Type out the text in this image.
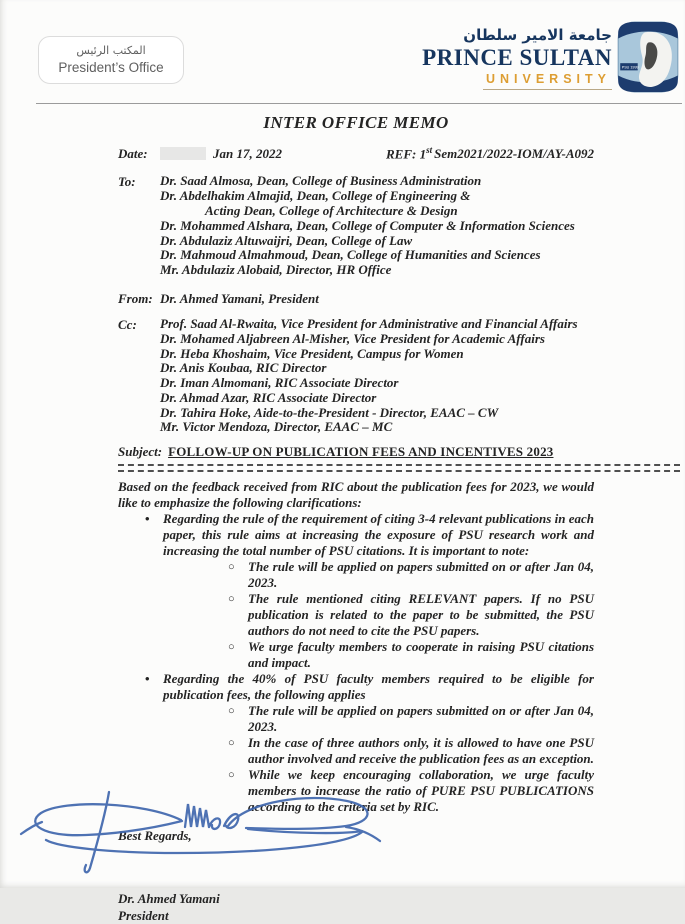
المكتب الرئيس
President’s Office
جامعة الامير سلطان
PRINCE SULTAN
UNIVERSITY
PSU 1999
INTER OFFICE MEMO
Date:	Jan 17, 2022	REF: 1st Sem2021/2022-IOM/AY-A092
To:	Dr. Saad Almosa, Dean, College of Business Administration
Dr. Abdelhakim Almajid, Dean, College of Engineering &
Acting Dean, College of Architecture & Design
Dr. Mohammed Alshara, Dean, College of Computer & Information Sciences
Dr. Abdulaziz Altuwaijri, Dean, College of Law
Dr. Mahmoud Almahmoud, Dean, College of Humanities and Sciences
Mr. Abdulaziz Alobaid, Director, HR Office
From: Dr. Ahmed Yamani, President
Cc:	Prof. Saad Al-Rwaita, Vice President for Administrative and Financial Affairs
Dr. Mohamed Aljabreen Al-Misher, Vice President for Academic Affairs
Dr. Heba Khoshaim, Vice President, Campus for Women
Dr. Anis Koubaa, RIC Director
Dr. Iman Almomani, RIC Associate Director
Dr. Ahmad Azar, RIC Associate Director
Dr. Tahira Hoke, Aide-to-the-President - Director, EAAC – CW
Mr. Victor Mendoza, Director, EAAC – MC
Subject: FOLLOW-UP ON PUBLICATION FEES AND INCENTIVES 2023
Based on the feedback received from RIC about the publication fees for 2023, we would like to emphasize the following clarifications:
• Regarding the rule of the requirement of citing 3-4 relevant publications in each paper, this rule aims at increasing the exposure of PSU research work and increasing the total number of PSU citations. It is important to note:
○ The rule will be applied on papers submitted on or after Jan 04, 2023.
○ The rule mentioned citing RELEVANT papers. If no PSU publication is related to the paper to be submitted, the PSU authors do not need to cite the PSU papers.
○ We urge faculty members to cooperate in raising PSU citations and impact.
• Regarding the 40% of PSU faculty members required to be eligible for publication fees, the following applies
○ The rule will be applied on papers submitted on or after Jan 04, 2023.
○ In the case of three authors only, it is allowed to have one PSU author involved and receive the publication fees as an exception.
○ While we keep encouraging collaboration, we urge faculty members to increase the ratio of PURE PSU PUBLICATIONS according to the criteria set by RIC.
Best Regards,
Dr. Ahmed Yamani
President
